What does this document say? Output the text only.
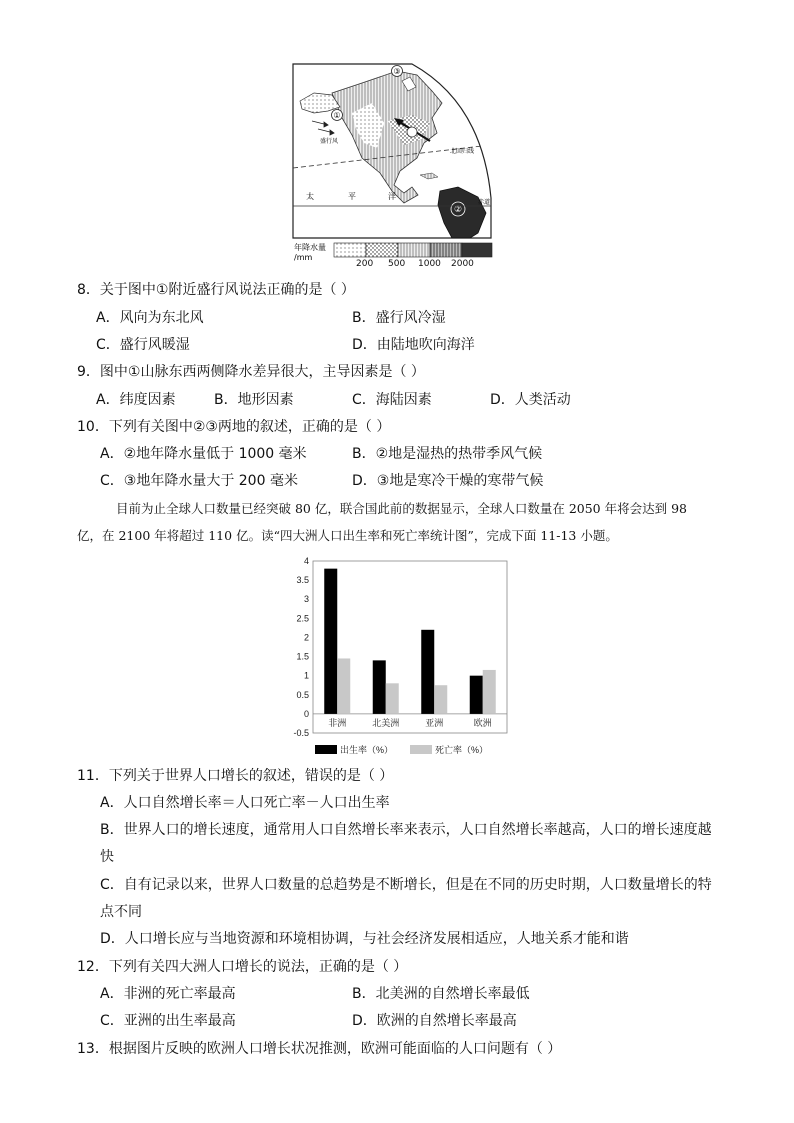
②
北回归线
赤道
太	平	洋
盛行风
①
③
年降水量
/mm
200 500 1000 2000
8．关于图中①附近盛行风说法正确的是（ ）
A．风向为东北风	B．盛行风冷湿
C．盛行风暖湿	D．由陆地吹向海洋
9．图中①山脉东西两侧降水差异很大，主导因素是（ ）
A．纬度因素	B．地形因素	C．海陆因素	D．人类活动
10．下列有关图中②③两地的叙述，正确的是（ ）
A．②地年降水量低于 1000 毫米	B．②地是湿热的热带季风气候
C．③地年降水量大于 200 毫米	D．③地是寒冷干燥的寒带气候
目前为止全球人口数量已经突破 80 亿，联合国此前的数据显示，全球人口数量在 2050 年将会达到 98
亿，在 2100 年将超过 110 亿。读“四大洲人口出生率和死亡率统计图”，完成下面 11-13 小题。
4
3.5
3
2.5
2
1.5
1
0.5
0
-0.5
非洲	北美洲	亚洲	欧洲
出生率（%）	死亡率（%）
11．下列关于世界人口增长的叙述，错误的是（ ）
A．人口自然增长率＝人口死亡率－人口出生率
B．世界人口的增长速度，通常用人口自然增长率来表示，人口自然增长率越高，人口的增长速度越
快
C．自有记录以来，世界人口数量的总趋势是不断增长，但是在不同的历史时期，人口数量增长的特
点不同
D．人口增长应与当地资源和环境相协调，与社会经济发展相适应，人地关系才能和谐
12．下列有关四大洲人口增长的说法，正确的是（ ）
A．非洲的死亡率最高	B．北美洲的自然增长率最低
C．亚洲的出生率最高	D．欧洲的自然增长率最高
13．根据图片反映的欧洲人口增长状况推测，欧洲可能面临的人口问题有（ ）
